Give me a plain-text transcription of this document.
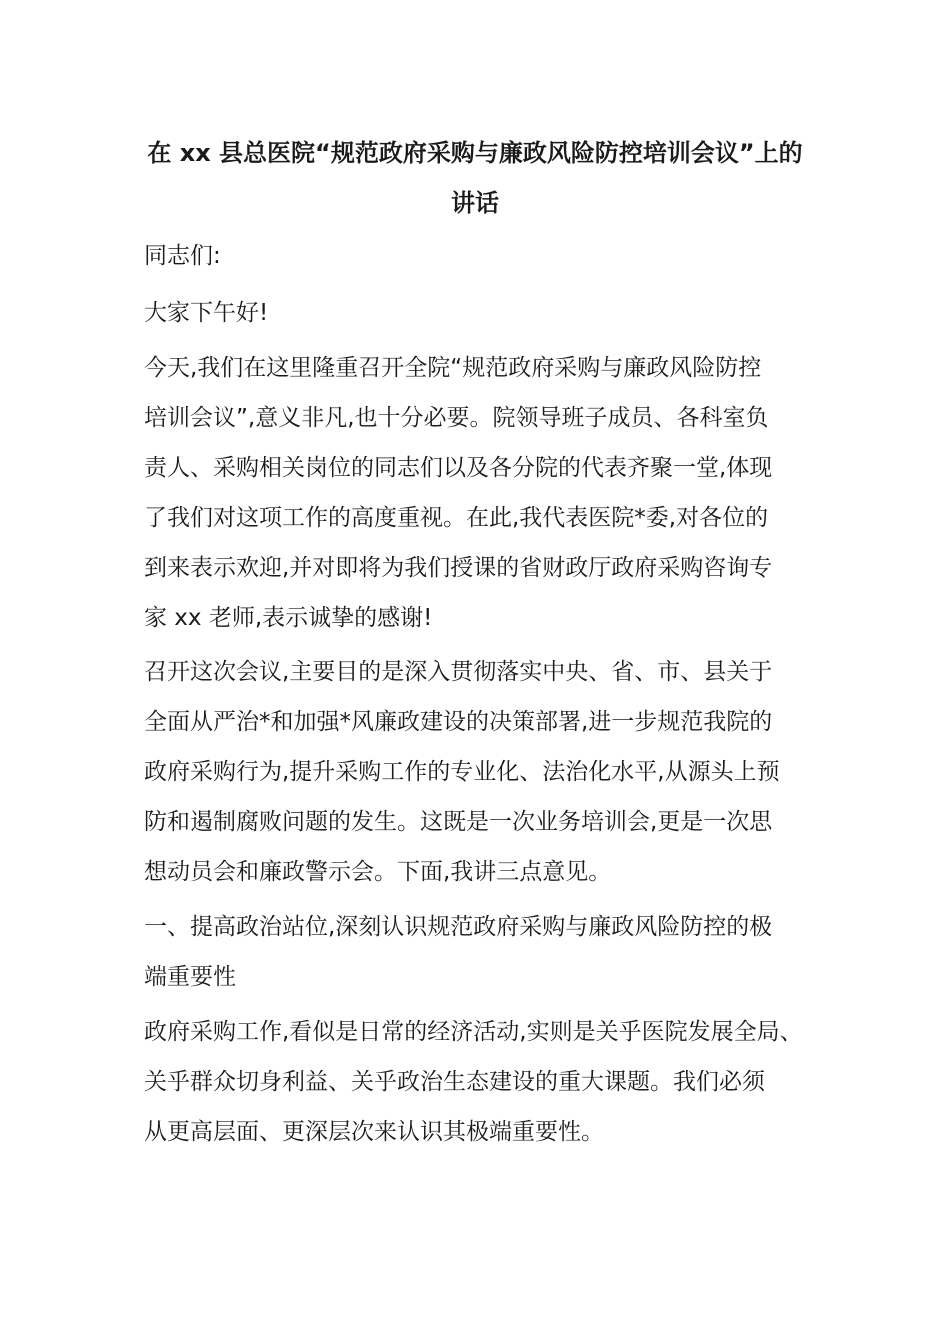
在 xx 县总医院“规范政府采购与廉政风险防控培训会议”上的
讲话

同志们:

大家下午好!

今天,我们在这里隆重召开全院“规范政府采购与廉政风险防控

培训会议”,意义非凡,也十分必要。院领导班子成员、各科室负

责人、采购相关岗位的同志们以及各分院的代表齐聚一堂,体现

了我们对这项工作的高度重视。在此,我代表医院*委,对各位的

到来表示欢迎,并对即将为我们授课的省财政厅政府采购咨询专

家 xx 老师,表示诚挚的感谢!

召开这次会议,主要目的是深入贯彻落实中央、省、市、县关于

全面从严治*和加强*风廉政建设的决策部署,进一步规范我院的

政府采购行为,提升采购工作的专业化、法治化水平,从源头上预

防和遏制腐败问题的发生。这既是一次业务培训会,更是一次思

想动员会和廉政警示会。下面,我讲三点意见。

一、提高政治站位,深刻认识规范政府采购与廉政风险防控的极

端重要性

政府采购工作,看似是日常的经济活动,实则是关乎医院发展全局、

关乎群众切身利益、关乎政治生态建设的重大课题。我们必须

从更高层面、更深层次来认识其极端重要性。
